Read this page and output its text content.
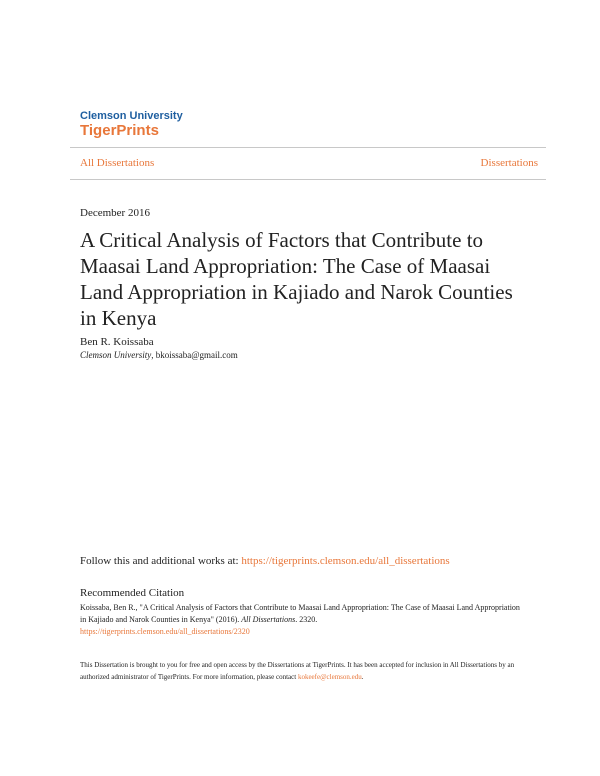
Clemson University
TigerPrints
All Dissertations	Dissertations
December 2016
A Critical Analysis of Factors that Contribute to Maasai Land Appropriation: The Case of Maasai Land Appropriation in Kajiado and Narok Counties in Kenya
Ben R. Koissaba
Clemson University, bkoissaba@gmail.com
Follow this and additional works at: https://tigerprints.clemson.edu/all_dissertations
Recommended Citation
Koissaba, Ben R., "A Critical Analysis of Factors that Contribute to Maasai Land Appropriation: The Case of Maasai Land Appropriation in Kajiado and Narok Counties in Kenya" (2016). All Dissertations. 2320.
https://tigerprints.clemson.edu/all_dissertations/2320
This Dissertation is brought to you for free and open access by the Dissertations at TigerPrints. It has been accepted for inclusion in All Dissertations by an authorized administrator of TigerPrints. For more information, please contact kokeefe@clemson.edu.
